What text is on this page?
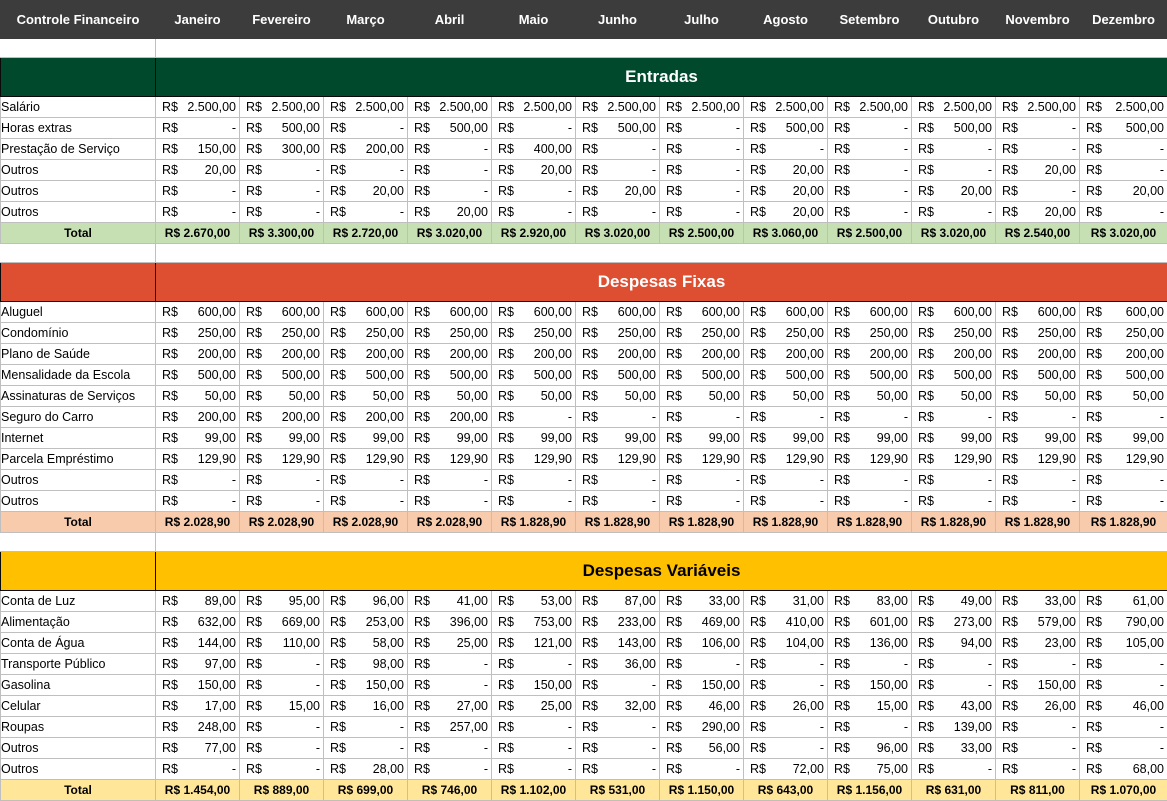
Controle Financeiro	Janeiro	Fevereiro	Março	Abril	Maio	Junho	Julho	Agosto	Setembro	Outubro	Novembro	Dezembro

	Entradas											
Salário	R$ 2.500,00	R$ 2.500,00	R$ 2.500,00	R$ 2.500,00	R$ 2.500,00	R$ 2.500,00	R$ 2.500,00	R$ 2.500,00	R$ 2.500,00	R$ 2.500,00	R$ 2.500,00	R$ 2.500,00

Horas extras	R$ -	R$ 500,00	R$ -	R$ 500,00	R$ -	R$ 500,00	R$ -	R$ 500,00	R$ -	R$ 500,00	R$ -	R$ 500,00

Prestação de Serviço	R$ 150,00	R$ 300,00	R$ 200,00	R$ -	R$ 400,00	R$ -	R$ -	R$ -	R$ -	R$ -	R$ -	R$ -

Outros	R$ 20,00	R$ -	R$ -	R$ -	R$ 20,00	R$ -	R$ -	R$ 20,00	R$ -	R$ -	R$ 20,00	R$ -

Outros	R$ -	R$ -	R$ 20,00	R$ -	R$ -	R$ 20,00	R$ -	R$ 20,00	R$ -	R$ 20,00	R$ -	R$ 20,00

Outros	R$ -	R$ -	R$ -	R$ 20,00	R$ -	R$ -	R$ -	R$ 20,00	R$ -	R$ -	R$ 20,00	R$ -

Total	R$ 2.670,00	R$ 3.300,00	R$ 2.720,00	R$ 3.020,00	R$ 2.920,00	R$ 3.020,00	R$ 2.500,00	R$ 3.060,00	R$ 2.500,00	R$ 3.020,00	R$ 2.540,00	R$ 3.020,00

	Despesas Fixas											
Aluguel	R$ 600,00	R$ 600,00	R$ 600,00	R$ 600,00	R$ 600,00	R$ 600,00	R$ 600,00	R$ 600,00	R$ 600,00	R$ 600,00	R$ 600,00	R$ 600,00

Condomínio	R$ 250,00	R$ 250,00	R$ 250,00	R$ 250,00	R$ 250,00	R$ 250,00	R$ 250,00	R$ 250,00	R$ 250,00	R$ 250,00	R$ 250,00	R$ 250,00

Plano de Saúde	R$ 200,00	R$ 200,00	R$ 200,00	R$ 200,00	R$ 200,00	R$ 200,00	R$ 200,00	R$ 200,00	R$ 200,00	R$ 200,00	R$ 200,00	R$ 200,00

Mensalidade da Escola	R$ 500,00	R$ 500,00	R$ 500,00	R$ 500,00	R$ 500,00	R$ 500,00	R$ 500,00	R$ 500,00	R$ 500,00	R$ 500,00	R$ 500,00	R$ 500,00

Assinaturas de Serviços	R$ 50,00	R$ 50,00	R$ 50,00	R$ 50,00	R$ 50,00	R$ 50,00	R$ 50,00	R$ 50,00	R$ 50,00	R$ 50,00	R$ 50,00	R$ 50,00

Seguro do Carro	R$ 200,00	R$ 200,00	R$ 200,00	R$ 200,00	R$ -	R$ -	R$ -	R$ -	R$ -	R$ -	R$ -	R$ -

Internet	R$ 99,00	R$ 99,00	R$ 99,00	R$ 99,00	R$ 99,00	R$ 99,00	R$ 99,00	R$ 99,00	R$ 99,00	R$ 99,00	R$ 99,00	R$ 99,00

Parcela Empréstimo	R$ 129,90	R$ 129,90	R$ 129,90	R$ 129,90	R$ 129,90	R$ 129,90	R$ 129,90	R$ 129,90	R$ 129,90	R$ 129,90	R$ 129,90	R$ 129,90

Outros	R$ -	R$ -	R$ -	R$ -	R$ -	R$ -	R$ -	R$ -	R$ -	R$ -	R$ -	R$ -

Outros	R$ -	R$ -	R$ -	R$ -	R$ -	R$ -	R$ -	R$ -	R$ -	R$ -	R$ -	R$ -

Total	R$ 2.028,90	R$ 2.028,90	R$ 2.028,90	R$ 2.028,90	R$ 1.828,90	R$ 1.828,90	R$ 1.828,90	R$ 1.828,90	R$ 1.828,90	R$ 1.828,90	R$ 1.828,90	R$ 1.828,90

	Despesas Variáveis											
Conta de Luz	R$ 89,00	R$ 95,00	R$ 96,00	R$ 41,00	R$ 53,00	R$ 87,00	R$ 33,00	R$ 31,00	R$ 83,00	R$ 49,00	R$ 33,00	R$ 61,00

Alimentação	R$ 632,00	R$ 669,00	R$ 253,00	R$ 396,00	R$ 753,00	R$ 233,00	R$ 469,00	R$ 410,00	R$ 601,00	R$ 273,00	R$ 579,00	R$ 790,00

Conta de Água	R$ 144,00	R$ 110,00	R$ 58,00	R$ 25,00	R$ 121,00	R$ 143,00	R$ 106,00	R$ 104,00	R$ 136,00	R$ 94,00	R$ 23,00	R$ 105,00

Transporte Público	R$ 97,00	R$ -	R$ 98,00	R$ -	R$ -	R$ 36,00	R$ -	R$ -	R$ -	R$ -	R$ -	R$ -

Gasolina	R$ 150,00	R$ -	R$ 150,00	R$ -	R$ 150,00	R$ -	R$ 150,00	R$ -	R$ 150,00	R$ -	R$ 150,00	R$ -

Celular	R$ 17,00	R$ 15,00	R$ 16,00	R$ 27,00	R$ 25,00	R$ 32,00	R$ 46,00	R$ 26,00	R$ 15,00	R$ 43,00	R$ 26,00	R$ 46,00

Roupas	R$ 248,00	R$ -	R$ -	R$ 257,00	R$ -	R$ -	R$ 290,00	R$ -	R$ -	R$ 139,00	R$ -	R$ -

Outros	R$ 77,00	R$ -	R$ -	R$ -	R$ -	R$ -	R$ 56,00	R$ -	R$ 96,00	R$ 33,00	R$ -	R$ -

Outros	R$ -	R$ -	R$ 28,00	R$ -	R$ -	R$ -	R$ -	R$ 72,00	R$ 75,00	R$ -	R$ -	R$ 68,00

Total	R$ 1.454,00	R$ 889,00	R$ 699,00	R$ 746,00	R$ 1.102,00	R$ 531,00	R$ 1.150,00	R$ 643,00	R$ 1.156,00	R$ 631,00	R$ 811,00	R$ 1.070,00
